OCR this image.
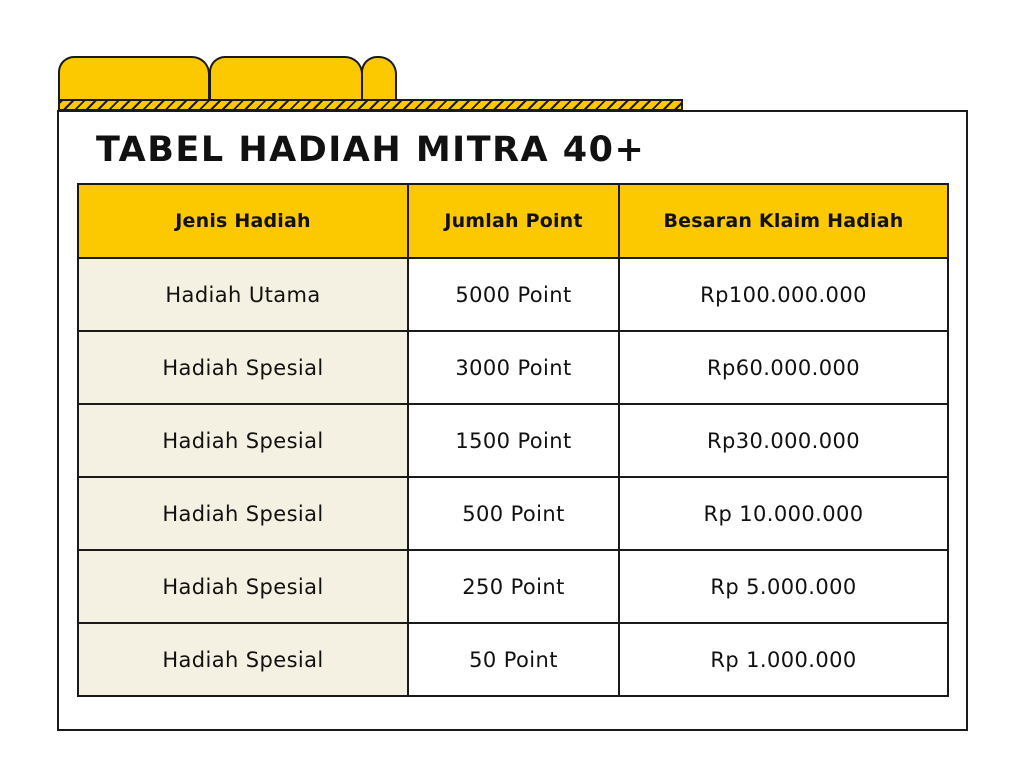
TABEL HADIAH MITRA 40+
Jenis Hadiah	Jumlah Point	Besaran Klaim Hadiah
Hadiah Utama	5000 Point	Rp100.000.000
Hadiah Spesial	3000 Point	Rp60.000.000
Hadiah Spesial	1500 Point	Rp30.000.000
Hadiah Spesial	500 Point	Rp 10.000.000
Hadiah Spesial	250 Point	Rp 5.000.000
Hadiah Spesial	50 Point	Rp 1.000.000
